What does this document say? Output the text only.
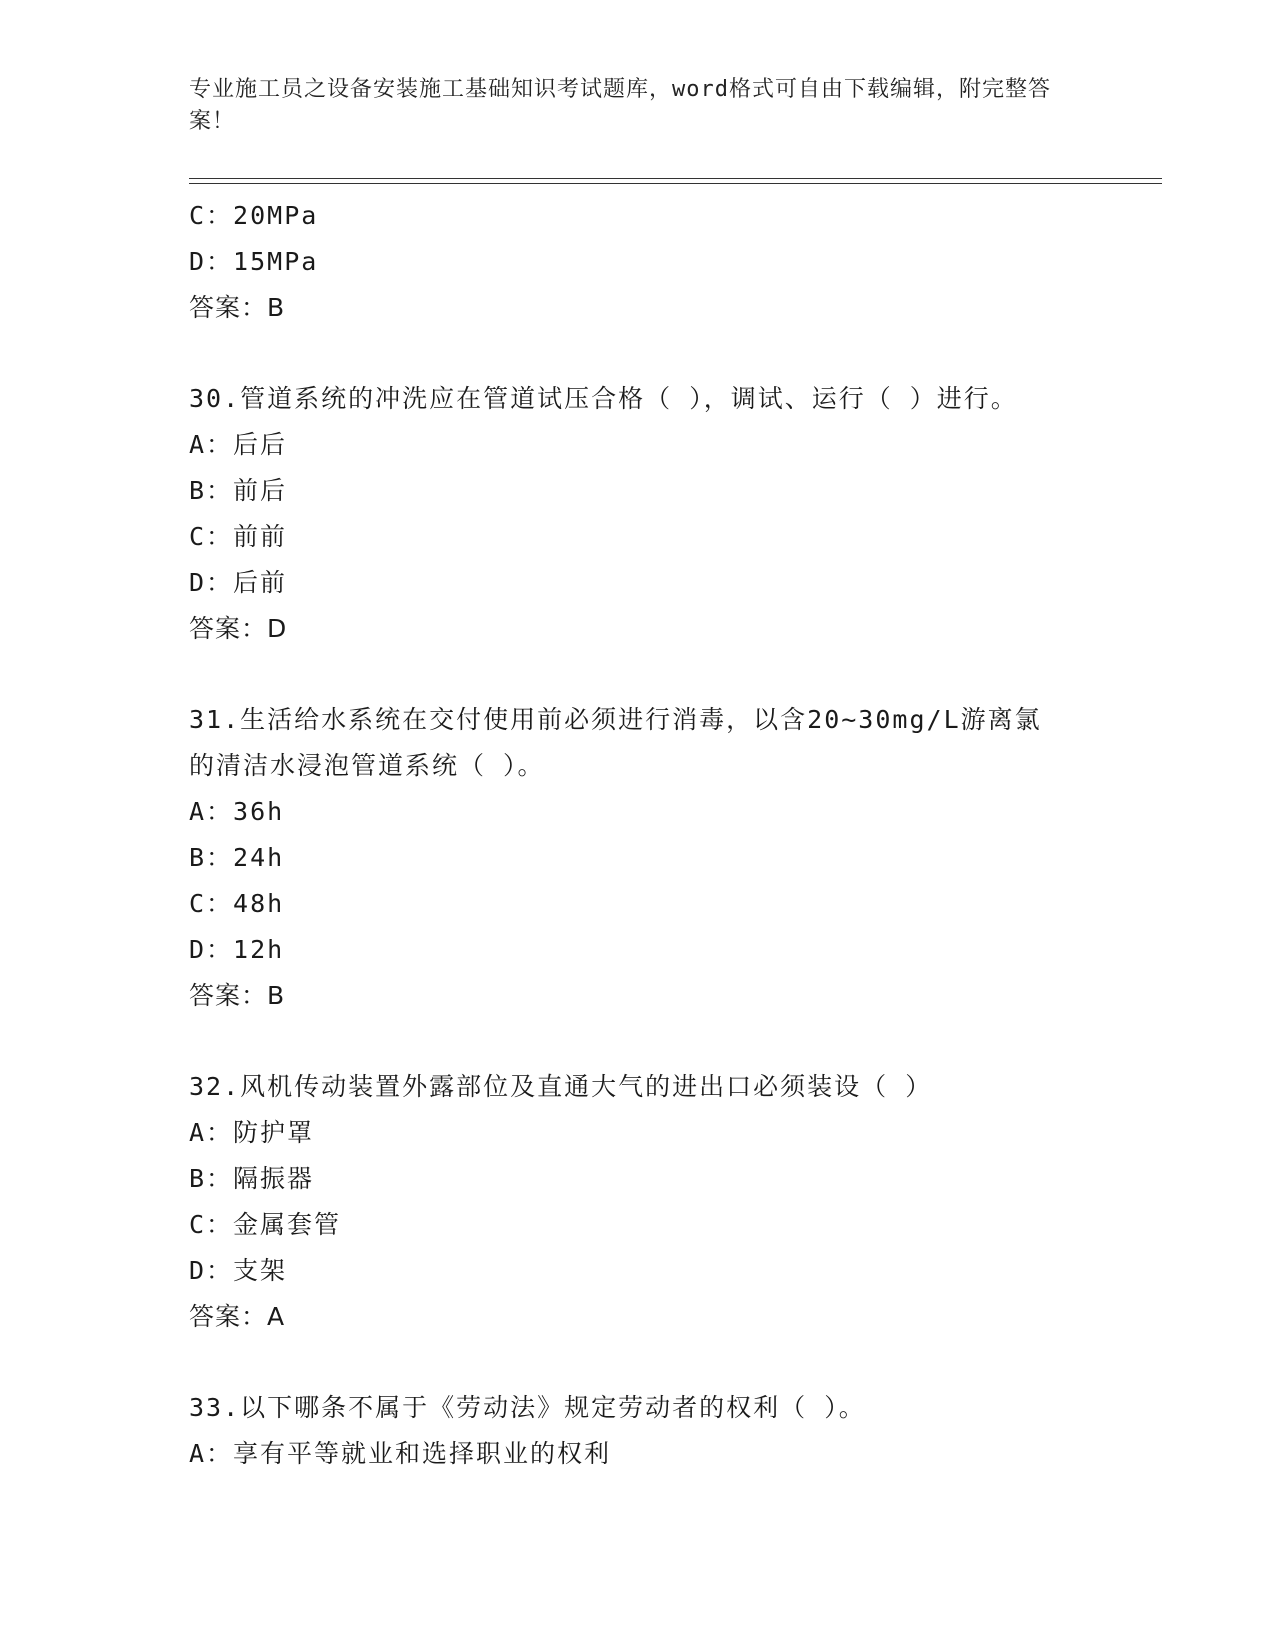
专业施工员之设备安装施工基础知识考试题库，word格式可自由下载编辑，附完整答案！
C：20MPa
D：15MPa
答案：B
30.管道系统的冲洗应在管道试压合格（ ），调试、运行（ ）进行。
A：后后
B：前后
C：前前
D：后前
答案：D
31.生活给水系统在交付使用前必须进行消毒，以含20~30mg/L游离氯的清洁水浸泡管道系统（ ）。
A：36h
B：24h
C：48h
D：12h
答案：B
32.风机传动装置外露部位及直通大气的进出口必须装设（ ）
A：防护罩
B：隔振器
C：金属套管
D：支架
答案：A
33.以下哪条不属于《劳动法》规定劳动者的权利（ ）。
A：享有平等就业和选择职业的权利
